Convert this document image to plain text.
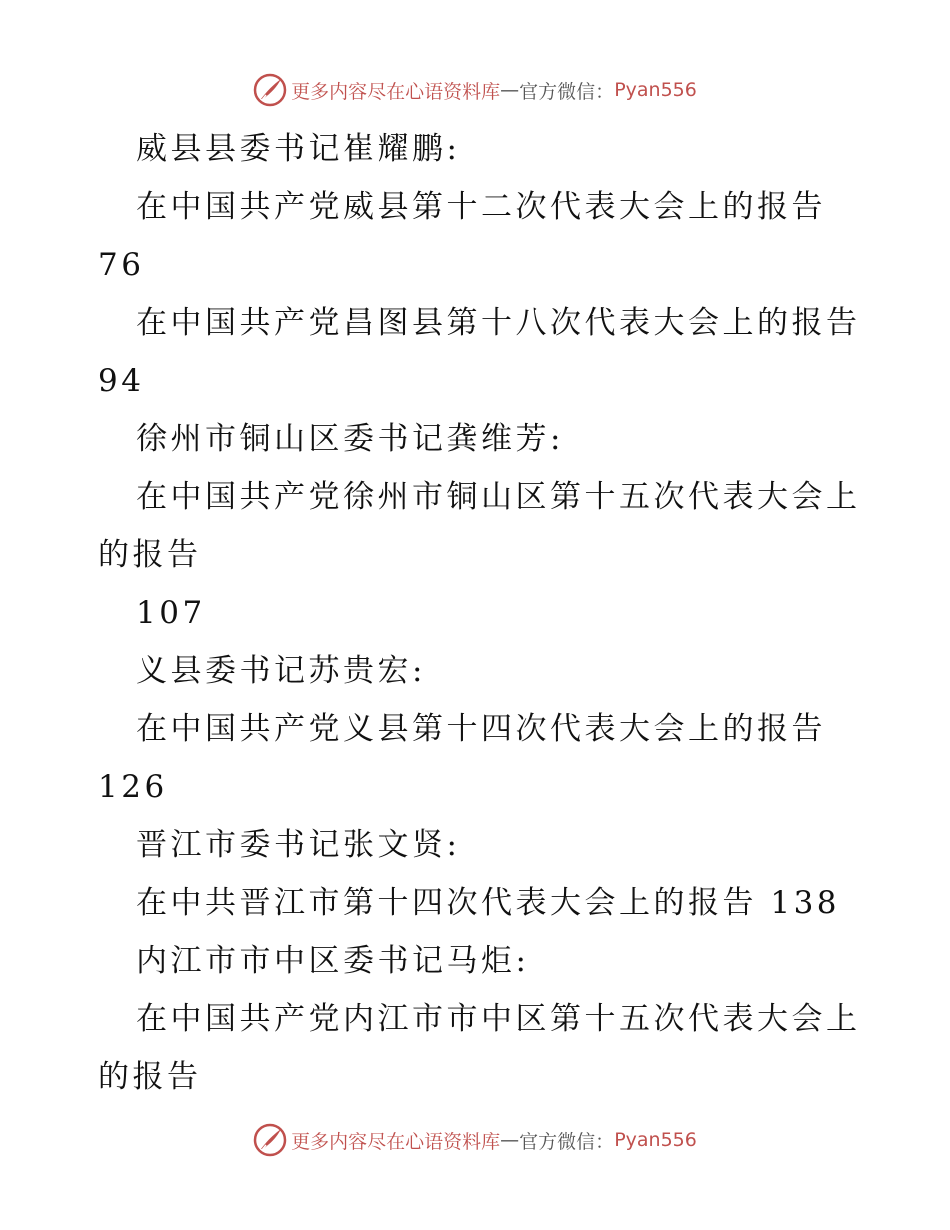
更多内容尽在心语资料库 — 官方微信： Pyan556
威县县委书记崔耀鹏:
在中国共产党威县第十二次代表大会上的报告
76
在中国共产党昌图县第十八次代表大会上的报告
94
徐州市铜山区委书记龚维芳:
在中国共产党徐州市铜山区第十五次代表大会上
的报告
107
义县委书记苏贵宏:
在中国共产党义县第十四次代表大会上的报告
126
晋江市委书记张文贤:
在中共晋江市第十四次代表大会上的报告 138
内江市市中区委书记马炬:
在中国共产党内江市市中区第十五次代表大会上
的报告
更多内容尽在心语资料库 — 官方微信： Pyan556
